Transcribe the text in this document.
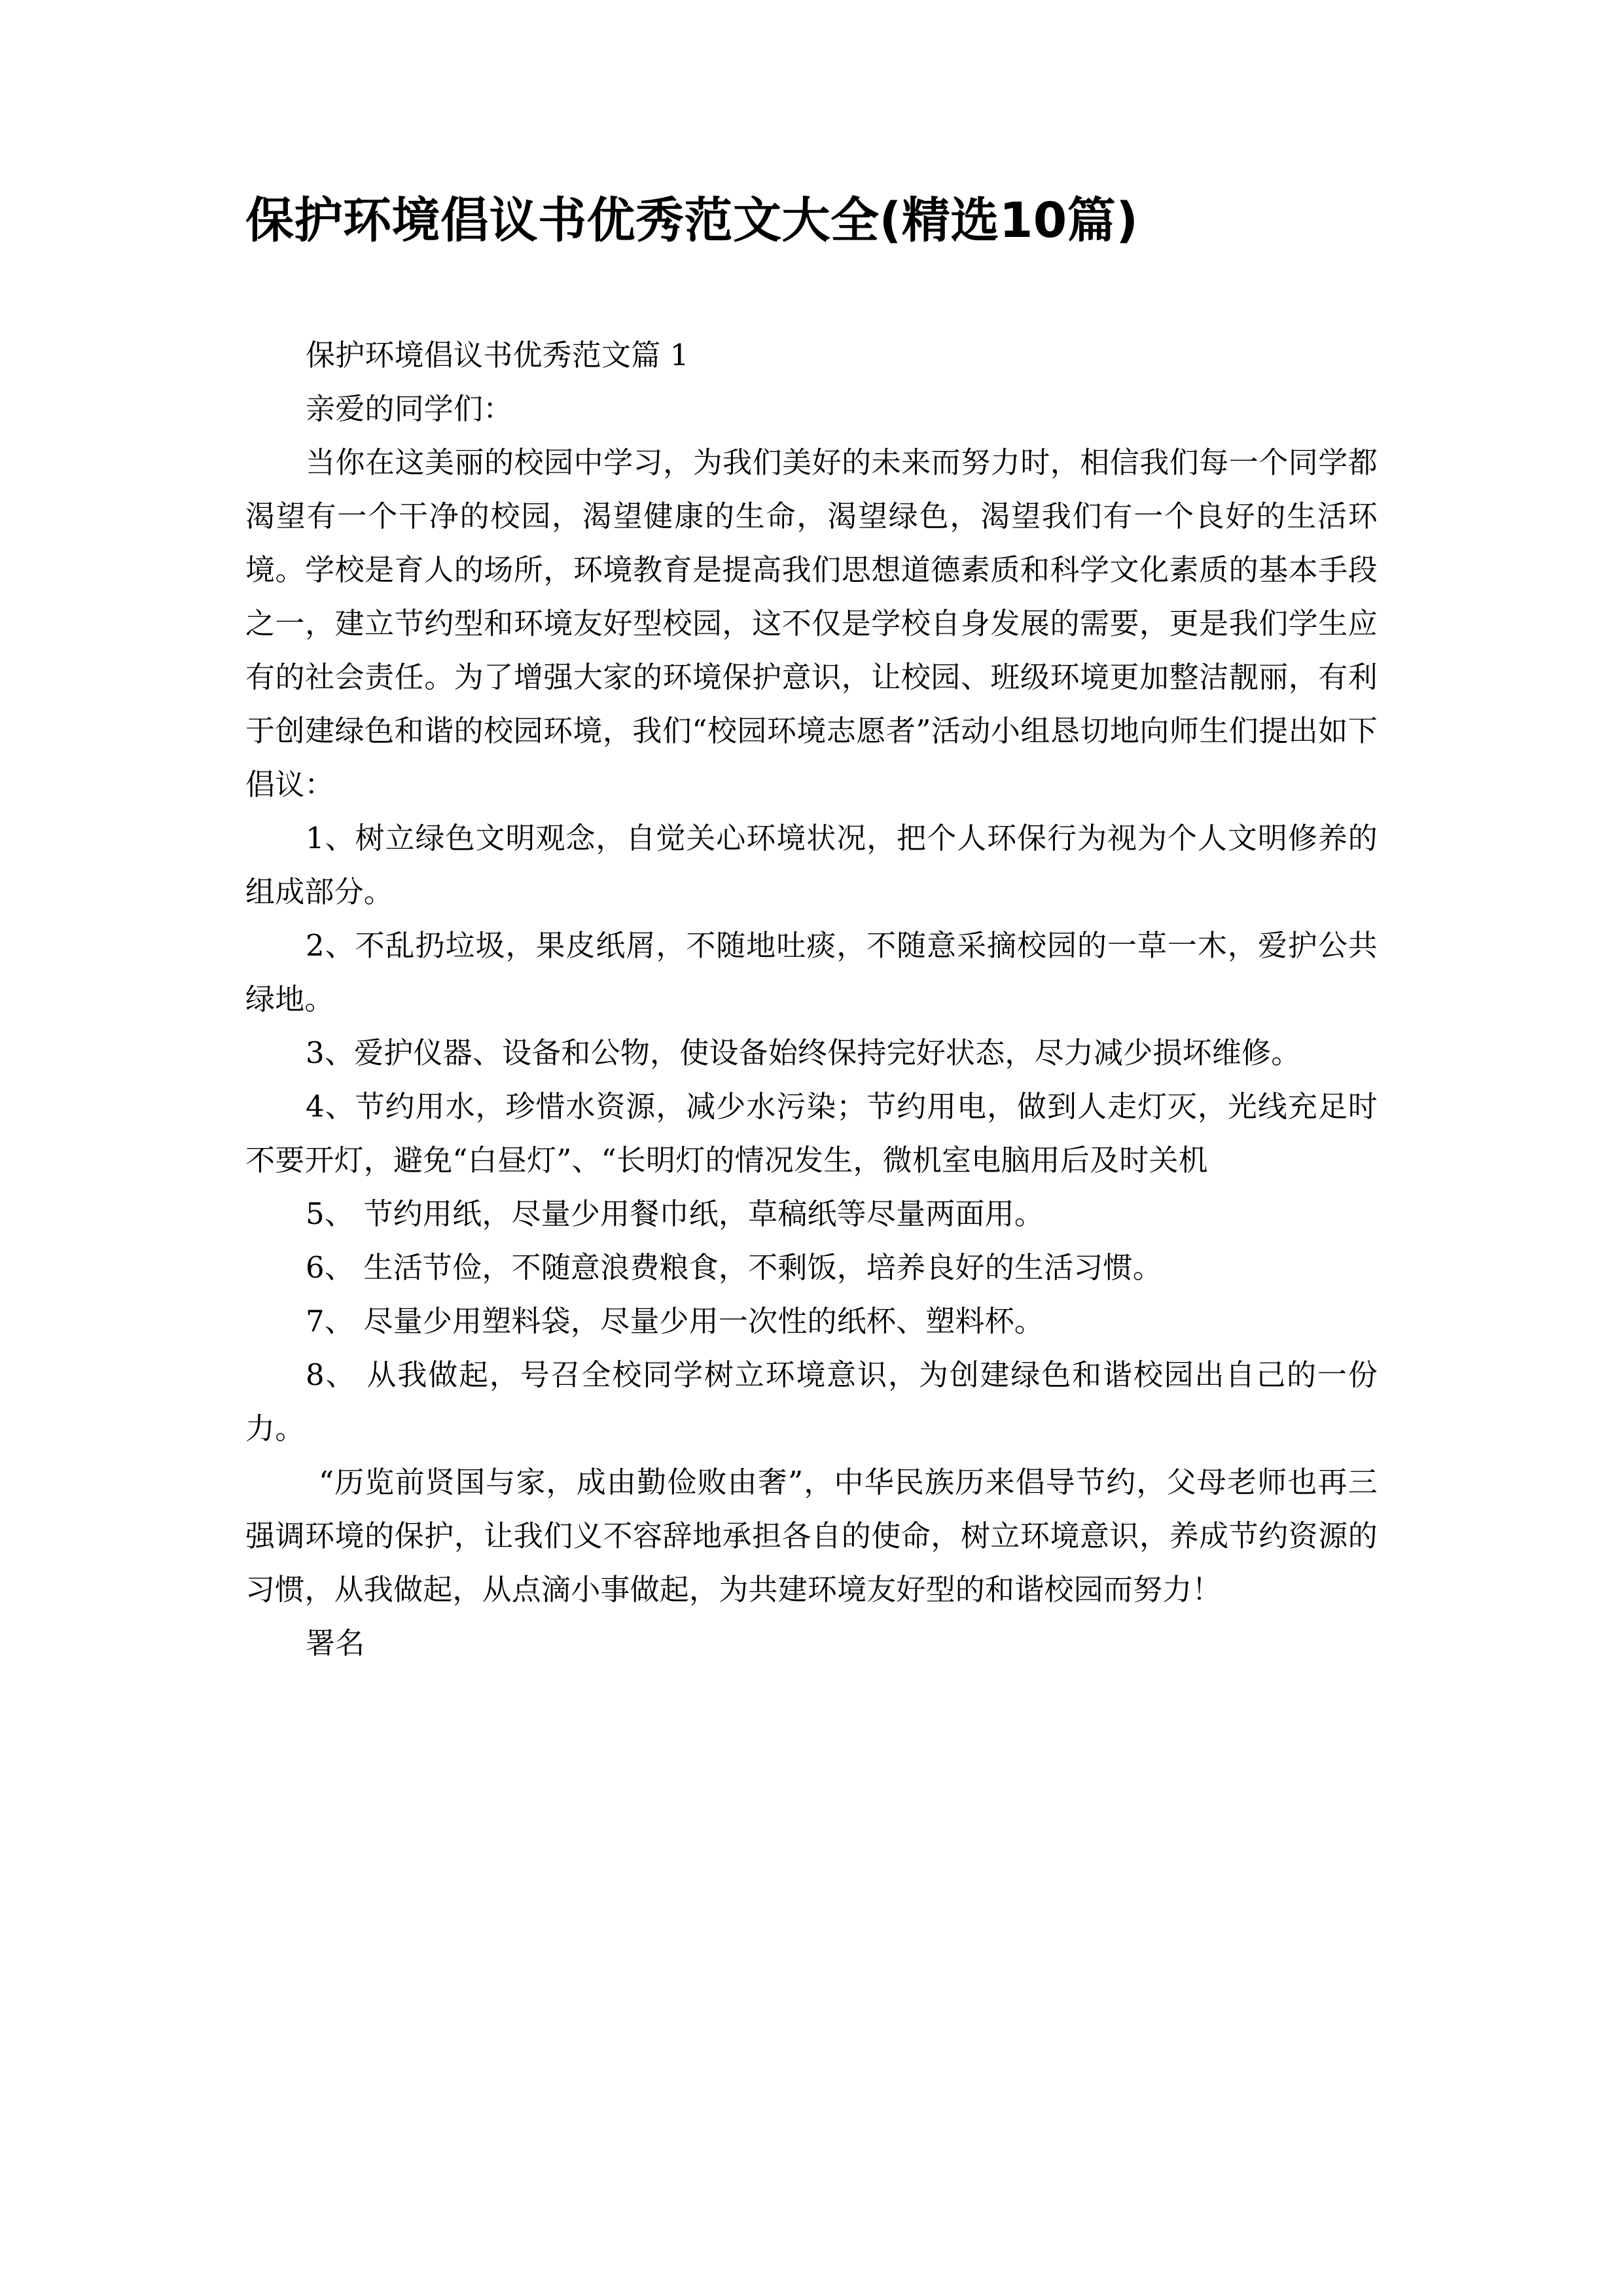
保护环境倡议书优秀范文大全(精选10篇)

保护环境倡议书优秀范文篇 1

亲爱的同学们：

当你在这美丽的校园中学习，为我们美好的未来而努力时，相信我们每一个同学都渴望有一个干净的校园，渴望健康的生命，渴望绿色，渴望我们有一个良好的生活环境。学校是育人的场所，环境教育是提高我们思想道德素质和科学文化素质的基本手段之一，建立节约型和环境友好型校园，这不仅是学校自身发展的需要，更是我们学生应有的社会责任。为了增强大家的环境保护意识，让校园、班级环境更加整洁靓丽，有利于创建绿色和谐的校园环境，我们“校园环境志愿者”活动小组恳切地向师生们提出如下倡议：

1、树立绿色文明观念，自觉关心环境状况，把个人环保行为视为个人文明修养的组成部分。

2、不乱扔垃圾，果皮纸屑，不随地吐痰，不随意采摘校园的一草一木，爱护公共绿地。

3、爱护仪器、设备和公物，使设备始终保持完好状态，尽力减少损坏维修。

4、节约用水，珍惜水资源，减少水污染；节约用电，做到人走灯灭，光线充足时不要开灯，避免“白昼灯”、“长明灯的情况发生，微机室电脑用后及时关机

5、 节约用纸，尽量少用餐巾纸，草稿纸等尽量两面用。

6、 生活节俭，不随意浪费粮食，不剩饭，培养良好的生活习惯。

7、 尽量少用塑料袋，尽量少用一次性的纸杯、塑料杯。

8、 从我做起，号召全校同学树立环境意识，为创建绿色和谐校园出自己的一份力。

“历览前贤国与家，成由勤俭败由奢”，中华民族历来倡导节约，父母老师也再三强调环境的保护，让我们义不容辞地承担各自的使命，树立环境意识，养成节约资源的习惯，从我做起，从点滴小事做起，为共建环境友好型的和谐校园而努力！

署名
